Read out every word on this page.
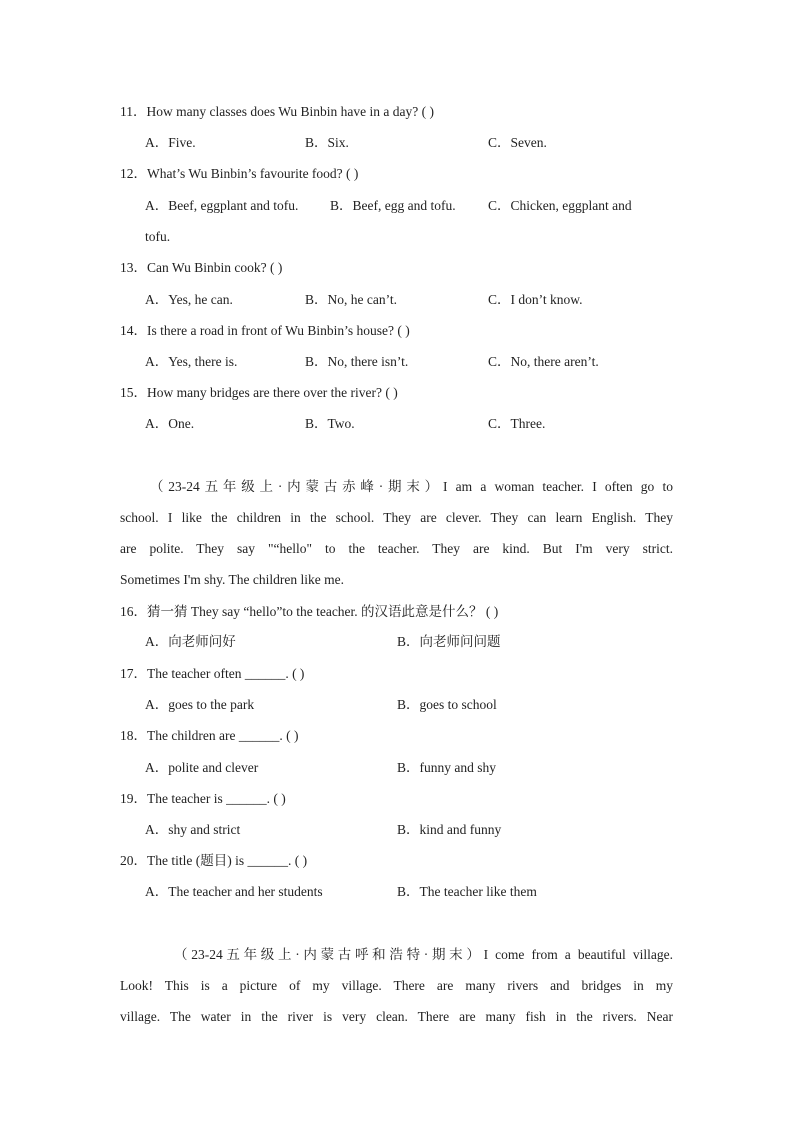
11．How many classes does Wu Binbin have in a day? ( )
A．Five.	B．Six.	C．Seven.
12．What’s Wu Binbin’s favourite food? ( )
A．Beef, eggplant and tofu. B．Beef, egg and tofu. C．Chicken, eggplant and
tofu.
13．Can Wu Binbin cook? ( )
A．Yes, he can.	B．No, he can’t.	C．I don’t know.
14．Is there a road in front of Wu Binbin’s house? ( )
A．Yes, there is.	B．No, there isn’t.	C．No, there aren’t.
15．How many bridges are there over the river? ( )
A．One.	B．Two.	C．Three.
（23-24五年级上·内蒙古赤峰·期末）I am a woman teacher. I often go to
school. I like the children in the school. They are clever. They can learn English. They
are polite. They say "“hello" to the teacher. They are kind. But I'm very strict.
Sometimes I'm shy. The children like me.
16．猜一猜 They say “hello”to the teacher. 的汉语此意是什么？ ( )
A．向老师问好	B．向老师问问题
17．The teacher often ______. ( )
A．goes to the park	B．goes to school
18．The children are ______. ( )
A．polite and clever	B．funny and shy
19．The teacher is ______. ( )
A．shy and strict	B．kind and funny
20．The title (题目) is ______. ( )
A．The teacher and her students	B．The teacher like them
（23-24五年级上·内蒙古呼和浩特·期末）I come from a beautiful village.
Look! This is a picture of my village. There are many rivers and bridges in my
village. The water in the river is very clean. There are many fish in the rivers. Near
